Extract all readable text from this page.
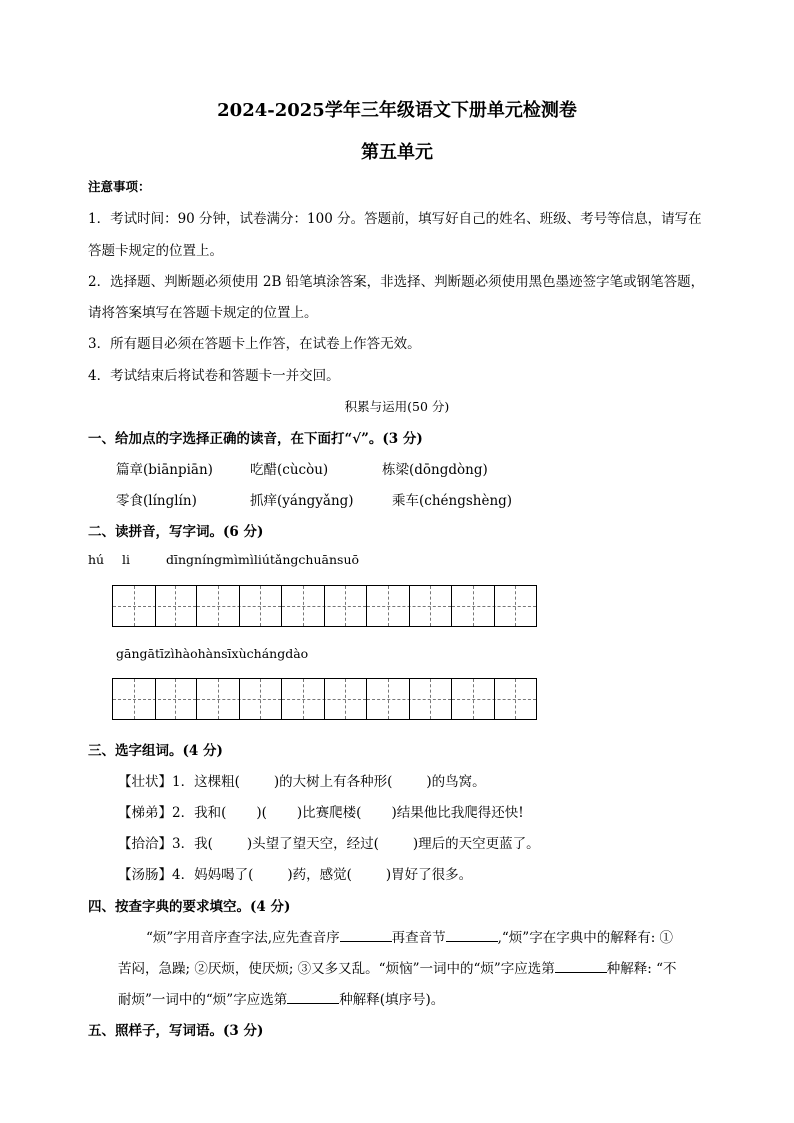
2024-2025学年三年级语文下册单元检测卷
第五单元
注意事项：
1．考试时间：90 分钟，试卷满分：100 分。答题前，填写好自己的姓名、班级、考号等信息，请写在
答题卡规定的位置上。
2．选择题、判断题必须使用 2B 铅笔填涂答案，非选择、判断题必须使用黑色墨迹签字笔或钢笔答题，
请将答案填写在答题卡规定的位置上。
3．所有题目必须在答题卡上作答，在试卷上作答无效。
4．考试结束后将试卷和答题卡一并交回。
积累与运用(50 分)
一、给加点的字选择正确的读音，在下面打“√”。(3 分)
篇章(biānpiān)	吃醋(cùcòu)	栋梁(dōngdòng)
零食(línglín)	抓痒(yángyǎng)	乘车(chéngshèng)
二、读拼音，写字词。(6 分)
hú li	dīngníngmìmìliútǎngchuānsuō
gāngātīzìhàohànsīxùchángdào
三、选字组词。(4 分)
【壮状】1．这棵粗(	)的大树上有各种形(	)的鸟窝。
【梯弟】2．我和( )( )比赛爬楼( )结果他比我爬得还快!
【拾洽】3．我(	)头望了望天空，经过(	)理后的天空更蓝了。
【汤肠】4．妈妈喝了(	)药，感觉(	)胃好了很多。
四、按查字典的要求填空。(4 分)
“烦”字用音序查字法,应先查音序	再查音节	,“烦”字在字典中的解释有: ①
苦闷，急躁; ②厌烦，使厌烦; ③又多又乱。“烦恼”一词中的“烦”字应选第	种解释: “不
耐烦”一词中的“烦”字应选第	种解释(填序号)。
五、照样子，写词语。(3 分)
